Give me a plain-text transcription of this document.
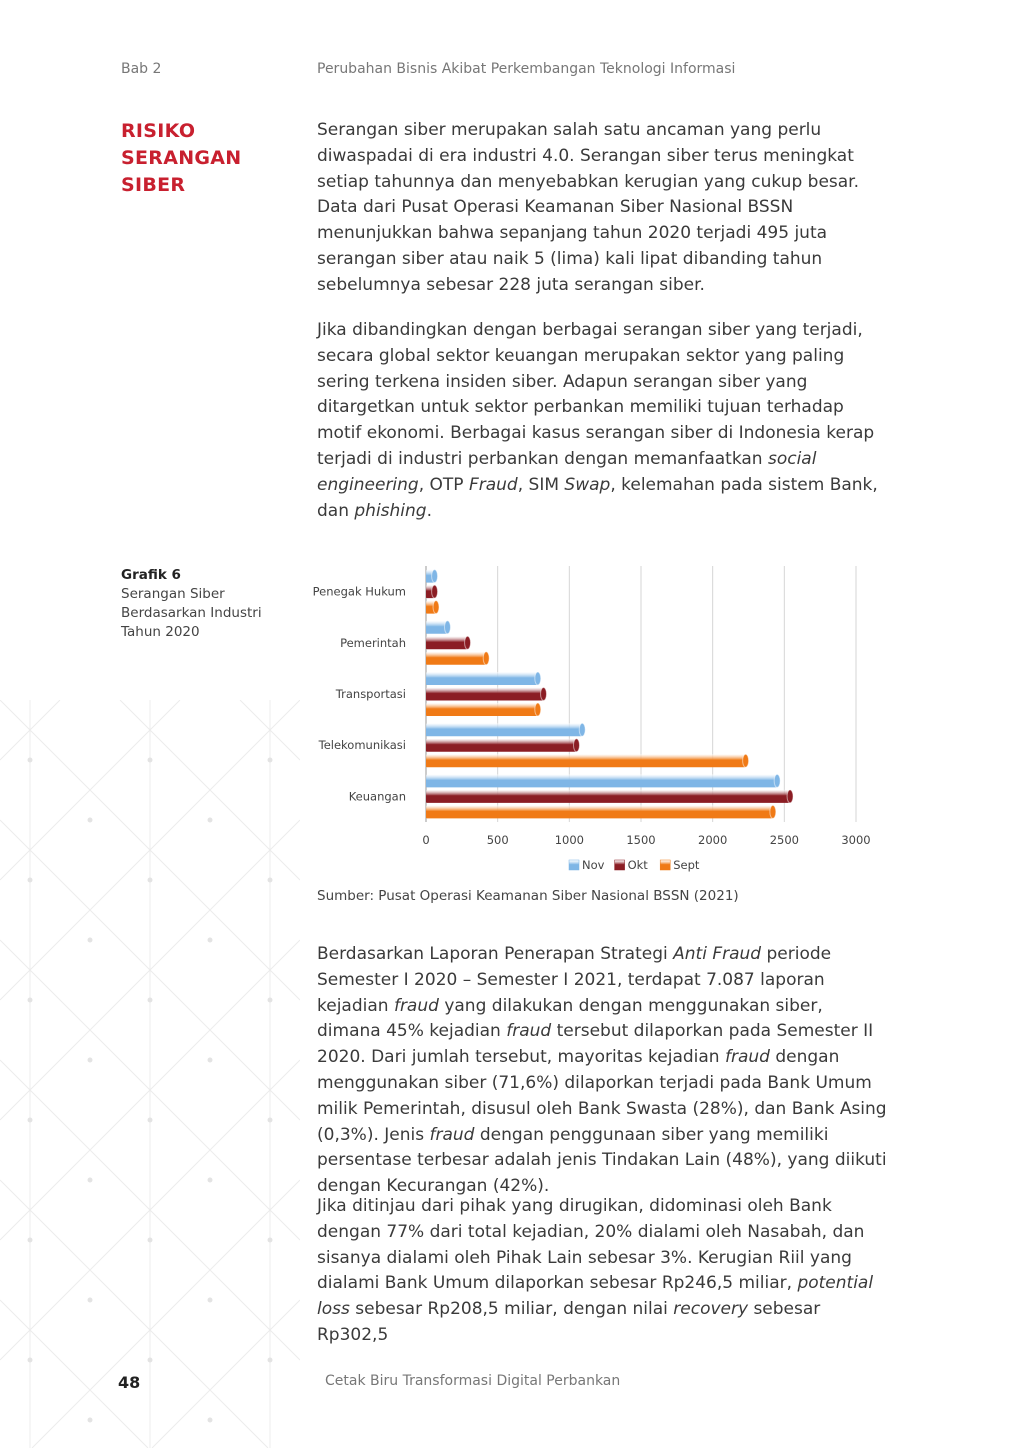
Bab 2	Perubahan Bisnis Akibat Perkembangan Teknologi Informasi
RISIKO
SERANGAN
SIBER

Serangan siber merupakan salah satu ancaman yang perlu diwaspadai di era industri 4.0. Serangan siber terus meningkat setiap tahunnya dan menyebabkan kerugian yang cukup besar. Data dari Pusat Operasi Keamanan Siber Nasional BSSN menunjukkan bahwa sepanjang tahun 2020 terjadi 495 juta serangan siber atau naik 5 (lima) kali lipat dibanding tahun sebelumnya sebesar 228 juta serangan siber.

Jika dibandingkan dengan berbagai serangan siber yang terjadi, secara global sektor keuangan merupakan sektor yang paling sering terkena insiden siber. Adapun serangan siber yang ditargetkan untuk sektor perbankan memiliki tujuan terhadap motif ekonomi. Berbagai kasus serangan siber di Indonesia kerap terjadi di industri perbankan dengan memanfaatkan social engineering, OTP Fraud, SIM Swap, kelemahan pada sistem Bank, dan phishing.

Grafik 6
Serangan Siber Berdasarkan Industri Tahun 2020
0	500	1000	1500	2000	2500	3000
Penegak Hukum
Pemerintah
Transportasi
Telekomunikasi
Keuangan
Nov Okt Sept
Sumber: Pusat Operasi Keamanan Siber Nasional BSSN (2021)

Berdasarkan Laporan Penerapan Strategi Anti Fraud periode Semester I 2020 – Semester I 2021, terdapat 7.087 laporan kejadian fraud yang dilakukan dengan menggunakan siber, dimana 45% kejadian fraud tersebut dilaporkan pada Semester II 2020. Dari jumlah tersebut, mayoritas kejadian fraud dengan menggunakan siber (71,6%) dilaporkan terjadi pada Bank Umum milik Pemerintah, disusul oleh Bank Swasta (28%), dan Bank Asing (0,3%). Jenis fraud dengan penggunaan siber yang memiliki persentase terbesar adalah jenis Tindakan Lain (48%), yang diikuti dengan Kecurangan (42%).

Jika ditinjau dari pihak yang dirugikan, didominasi oleh Bank dengan 77% dari total kejadian, 20% dialami oleh Nasabah, dan sisanya dialami oleh Pihak Lain sebesar 3%. Kerugian Riil yang dialami Bank Umum dilaporkan sebesar Rp246,5 miliar, potential loss sebesar Rp208,5 miliar, dengan nilai recovery sebesar Rp302,5

48	Cetak Biru Transformasi Digital Perbankan
